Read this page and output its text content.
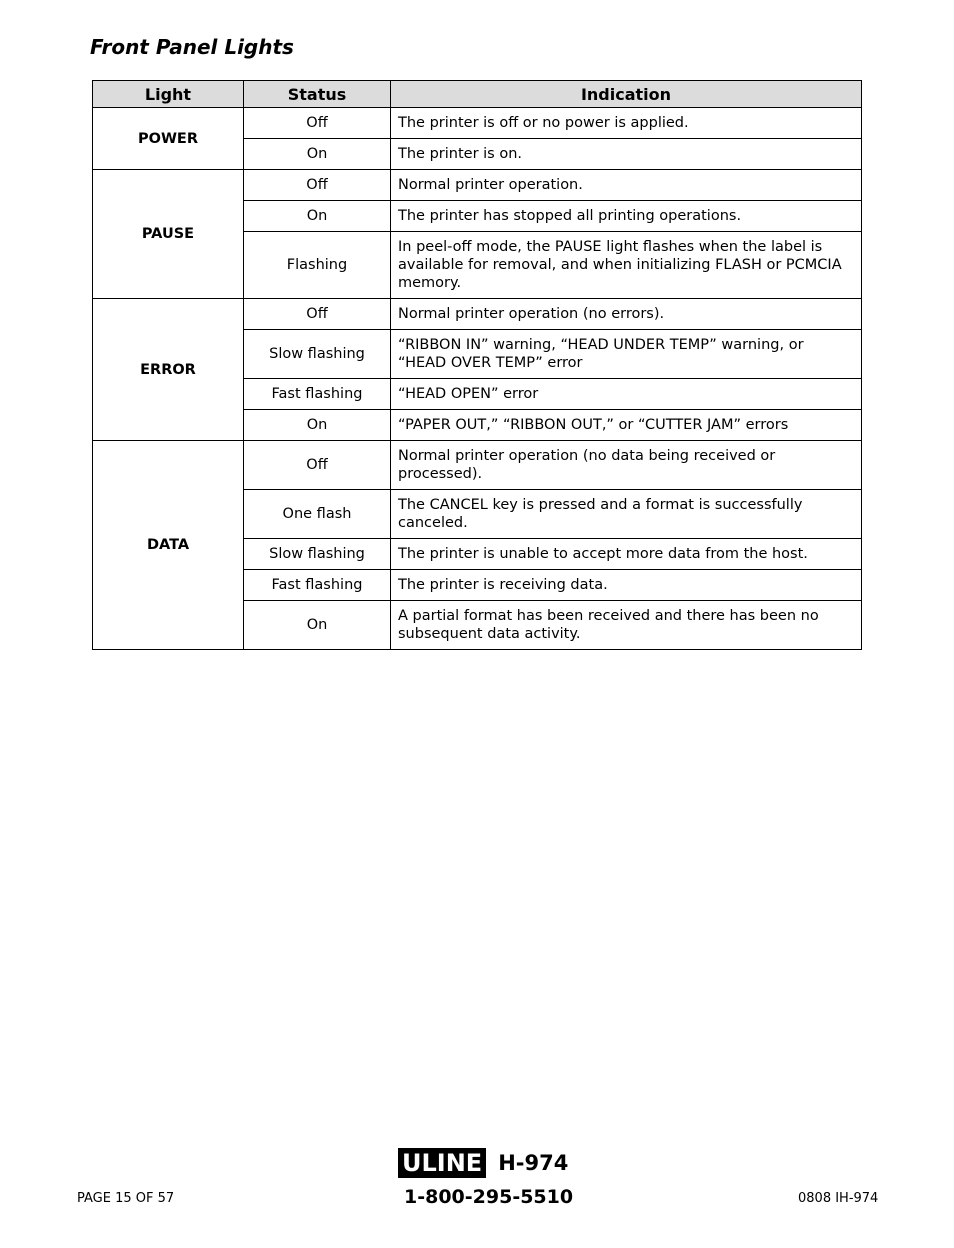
Front Panel Lights
Light	Status	Indication
POWER	Off	The printer is off or no power is applied.
	On	The printer is on.
PAUSE	Off	Normal printer operation.
	On	The printer has stopped all printing operations.
	Flashing	In peel-off mode, the PAUSE light flashes when the label is available for removal, and when initializing FLASH or PCMCIA memory.
ERROR	Off	Normal printer operation (no errors).
	Slow flashing	“RIBBON IN” warning, “HEAD UNDER TEMP” warning, or “HEAD OVER TEMP” error
	Fast flashing	“HEAD OPEN” error
	On	“PAPER OUT,” “RIBBON OUT,” or “CUTTER JAM” errors
DATA	Off	Normal printer operation (no data being received or processed).
	One flash	The CANCEL key is pressed and a format is successfully canceled.
	Slow flashing	The printer is unable to accept more data from the host.
	Fast flashing	The printer is receiving data.
	On	A partial format has been received and there has been no subsequent data activity.
ULINE H-974
1-800-295-5510
PAGE 15 OF 57	0808 IH-974
